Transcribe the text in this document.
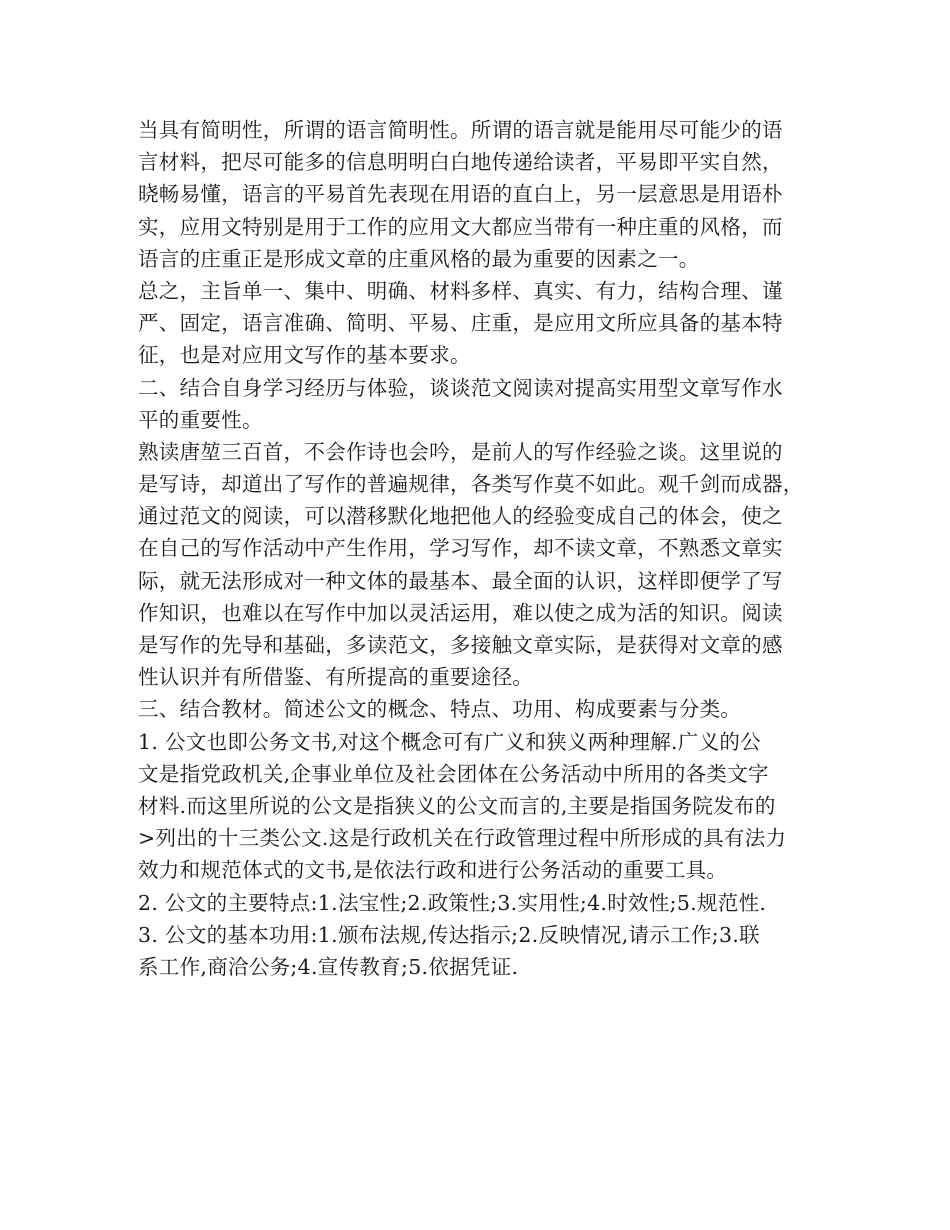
当具有简明性，所谓的语言简明性。所谓的语言就是能用尽可能少的语
言材料，把尽可能多的信息明明白白地传递给读者，平易即平实自然，
晓畅易懂，语言的平易首先表现在用语的直白上，另一层意思是用语朴
实，应用文特别是用于工作的应用文大都应当带有一种庄重的风格，而
语言的庄重正是形成文章的庄重风格的最为重要的因素之一。
总之，主旨单一、集中、明确、材料多样、真实、有力，结构合理、谨
严、固定，语言准确、简明、平易、庄重，是应用文所应具备的基本特
征，也是对应用文写作的基本要求。
二、结合自身学习经历与体验，谈谈范文阅读对提高实用型文章写作水
平的重要性。
熟读唐堃三百首，不会作诗也会吟，是前人的写作经验之谈。这里说的
是写诗，却道出了写作的普遍规律，各类写作莫不如此。观千剑而成器，
通过范文的阅读，可以潜移默化地把他人的经验变成自己的体会，使之
在自己的写作活动中产生作用，学习写作，却不读文章，不熟悉文章实
际，就无法形成对一种文体的最基本、最全面的认识，这样即便学了写
作知识，也难以在写作中加以灵活运用，难以使之成为活的知识。阅读
是写作的先导和基础，多读范文，多接触文章实际，是获得对文章的感
性认识并有所借鉴、有所提高的重要途径。
三、结合教材。简述公文的概念、特点、功用、构成要素与分类。
1. 公文也即公务文书,对这个概念可有广义和狭义两种理解.广义的公
文是指党政机关,企事业单位及社会团体在公务活动中所用的各类文字
材料.而这里所说的公文是指狭义的公文而言的,主要是指国务院发布的
>列出的十三类公文.这是行政机关在行政管理过程中所形成的具有法力
效力和规范体式的文书,是依法行政和进行公务活动的重要工具。
2. 公文的主要特点:1.法宝性;2.政策性;3.实用性;4.时效性;5.规范性.
3. 公文的基本功用:1.颁布法规,传达指示;2.反映情况,请示工作;3.联
系工作,商洽公务;4.宣传教育;5.依据凭证.
